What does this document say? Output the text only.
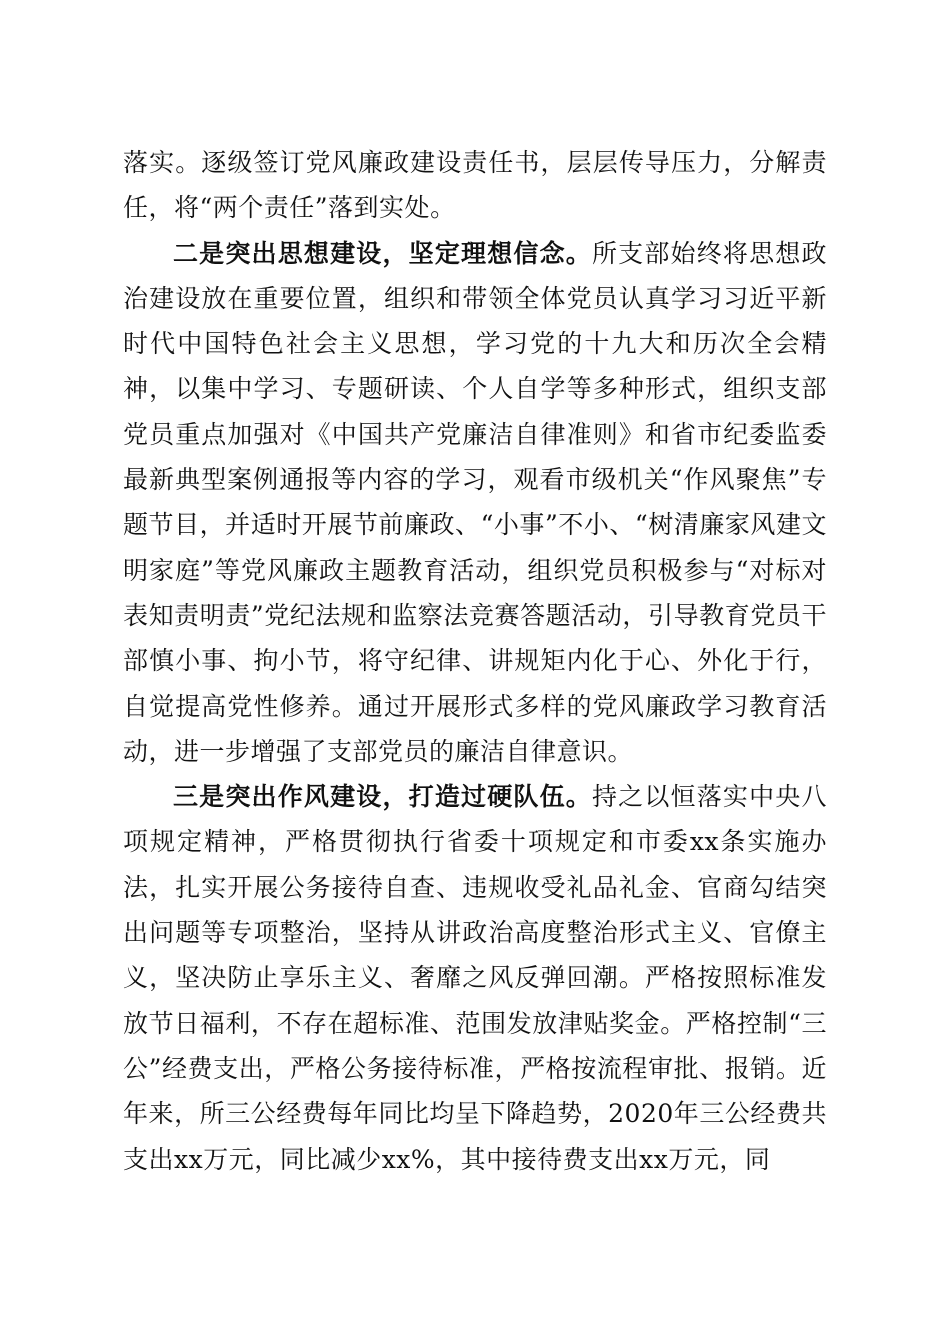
落实。逐级签订党风廉政建设责任书，层层传导压力，分解责任，将“两个责任”落到实处。

二是突出思想建设，坚定理想信念。所支部始终将思想政治建设放在重要位置，组织和带领全体党员认真学习习近平新时代中国特色社会主义思想，学习党的十九大和历次全会精神，以集中学习、专题研读、个人自学等多种形式，组织支部党员重点加强对《中国共产党廉洁自律准则》和省市纪委监委最新典型案例通报等内容的学习，观看市级机关“作风聚焦”专题节目，并适时开展节前廉政、“小事”不小、“树清廉家风建文明家庭”等党风廉政主题教育活动，组织党员积极参与“对标对表知责明责”党纪法规和监察法竞赛答题活动，引导教育党员干部慎小事、拘小节，将守纪律、讲规矩内化于心、外化于行，自觉提高党性修养。通过开展形式多样的党风廉政学习教育活动，进一步增强了支部党员的廉洁自律意识。

三是突出作风建设，打造过硬队伍。持之以恒落实中央八项规定精神，严格贯彻执行省委十项规定和市委xx条实施办法，扎实开展公务接待自查、违规收受礼品礼金、官商勾结突出问题等专项整治，坚持从讲政治高度整治形式主义、官僚主义，坚决防止享乐主义、奢靡之风反弹回潮。严格按照标准发放节日福利，不存在超标准、范围发放津贴奖金。严格控制“三公”经费支出，严格公务接待标准，严格按流程审批、报销。近年来，所三公经费每年同比均呈下降趋势，2020年三公经费共支出xx万元，同比减少xx%，其中接待费支出xx万元，同
